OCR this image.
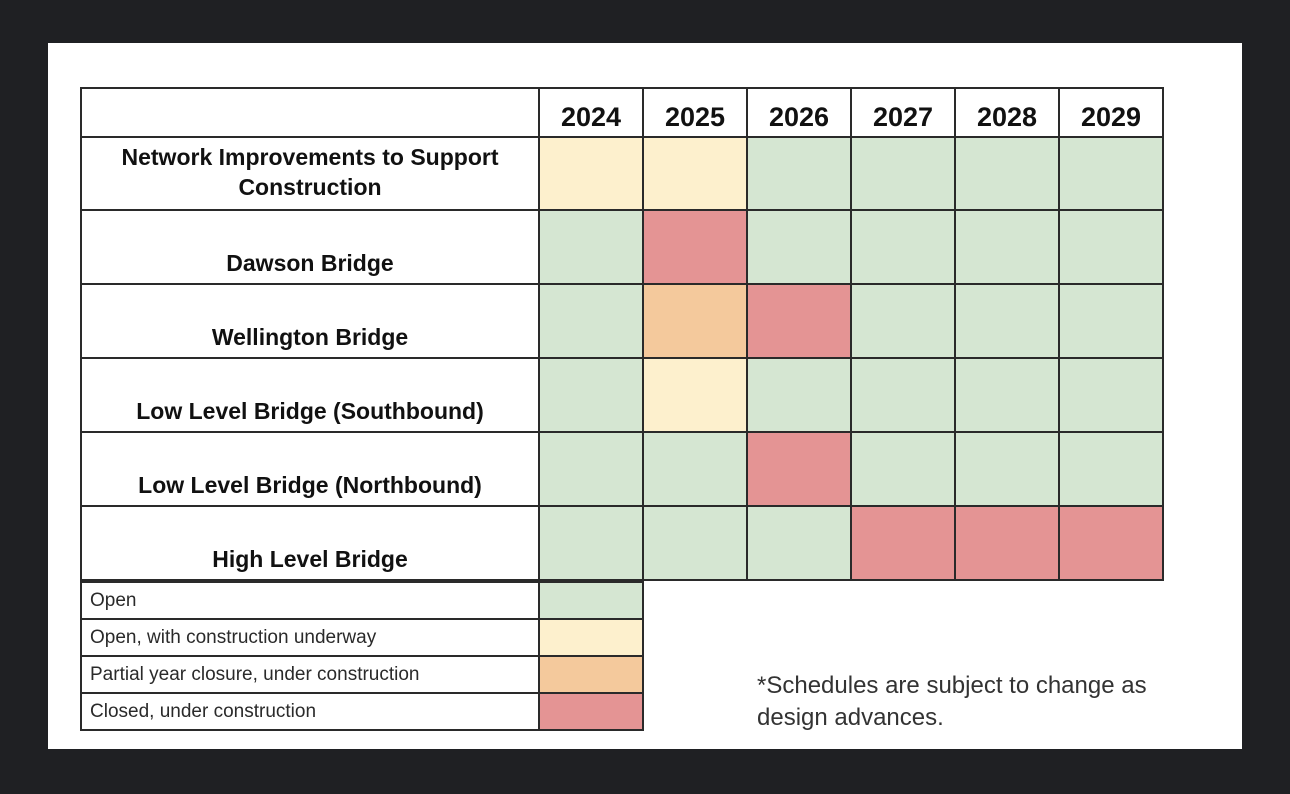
	2024	2025	2026	2027	2028	2029
Network Improvements to Support Construction						
Dawson Bridge						
Wellington Bridge						
Low Level Bridge (Southbound)						
Low Level Bridge (Northbound)						
High Level Bridge						
Open	
Open, with construction underway	
Partial year closure, under construction	
Closed, under construction	

*Schedules are subject to change as design advances.
